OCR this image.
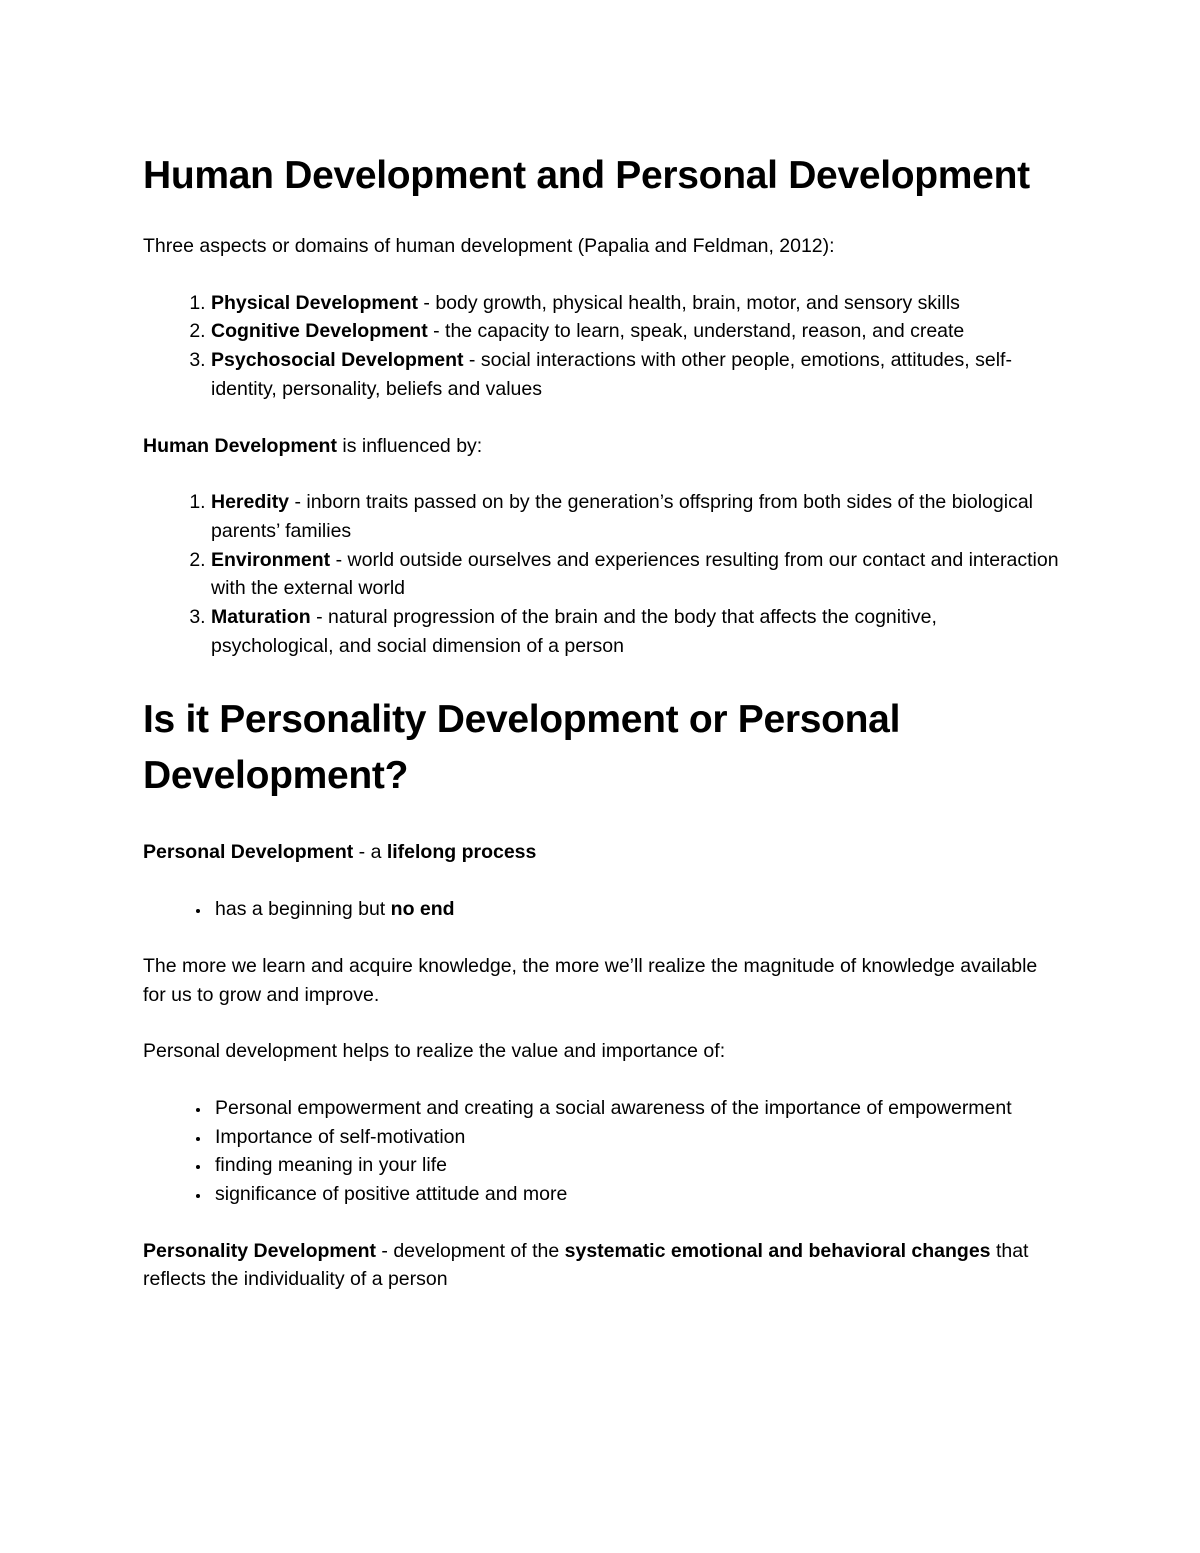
Human Development and Personal Development

Three aspects or domains of human development (Papalia and Feldman, 2012):

1. Physical Development - body growth, physical health, brain, motor, and sensory skills
2. Cognitive Development - the capacity to learn, speak, understand, reason, and create
3. Psychosocial Development - social interactions with other people, emotions, attitudes, self-identity, personality, beliefs and values

Human Development is influenced by:

1. Heredity - inborn traits passed on by the generation’s offspring from both sides of the biological parents’ families
2. Environment - world outside ourselves and experiences resulting from our contact and interaction with the external world
3. Maturation - natural progression of the brain and the body that affects the cognitive, psychological, and social dimension of a person
Is it Personality Development or Personal Development?

Personal Development - a lifelong process

• has a beginning but no end

The more we learn and acquire knowledge, the more we’ll realize the magnitude of knowledge available for us to grow and improve.

Personal development helps to realize the value and importance of:

• Personal empowerment and creating a social awareness of the importance of empowerment
• Importance of self-motivation
• finding meaning in your life
• significance of positive attitude and more

Personality Development - development of the systematic emotional and behavioral changes that reflects the individuality of a person
